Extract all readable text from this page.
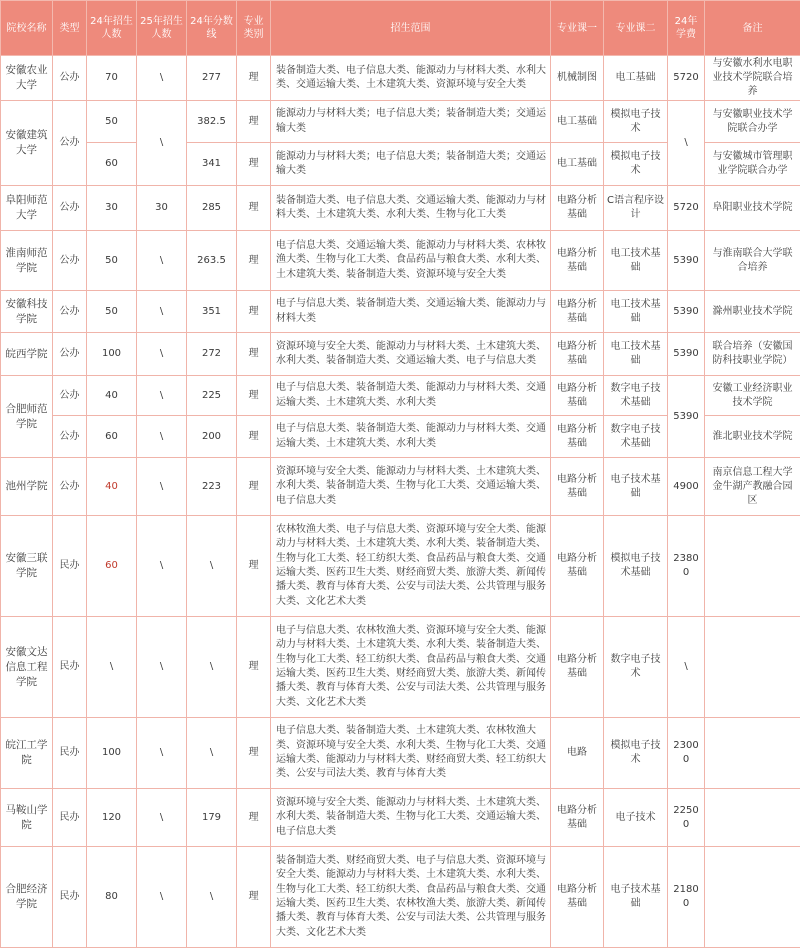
院校名称	类型	24年招生人数	25年招生人数	24年分数线	专业类别	招生范围	专业课一	专业课二	24年学费	备注
安徽农业大学	公办	70	\	277	理	装备制造大类、电子信息大类、能源动力与材料大类、水利大类、交通运输大类、土木建筑大类、资源环境与安全大类	机械制图	电工基础	5720	与安徽水利水电职业技术学院联合培养
安徽建筑大学	公办	50	\	382.5	理	能源动力与材料大类；电子信息大类；装备制造大类；交通运输大类	电工基础	模拟电子技术	\	与安徽职业技术学院联合办学
		60		341	理	能源动力与材料大类；电子信息大类；装备制造大类；交通运输大类	电工基础	模拟电子技术		与安徽城市管理职业学院联合办学
阜阳师范大学	公办	30	30	285	理	装备制造大类、电子信息大类、交通运输大类、能源动力与材料大类、土木建筑大类、水利大类、生物与化工大类	电路分析基础	C语言程序设计	5720	阜阳职业技术学院
淮南师范学院	公办	50	\	263.5	理	电子信息大类、交通运输大类、能源动力与材料大类、农林牧渔大类、生物与化工大类、食品药品与粮食大类、水利大类、土木建筑大类、装备制造大类、资源环境与安全大类	电路分析基础	电工技术基础	5390	与淮南联合大学联合培养
安徽科技学院	公办	50	\	351	理	电子与信息大类、装备制造大类、交通运输大类、能源动力与材料大类	电路分析基础	电工技术基础	5390	滁州职业技术学院
皖西学院	公办	100	\	272	理	资源环境与安全大类、能源动力与材料大类、土木建筑大类、水利大类、装备制造大类、交通运输大类、电子与信息大类	电路分析基础	电工技术基础	5390	联合培养（安徽国防科技职业学院）
合肥师范学院	公办	40	\	225	理	电子与信息大类、装备制造大类、能源动力与材料大类、交通运输大类、土木建筑大类、水利大类	电路分析基础	数字电子技术基础	5390	安徽工业经济职业技术学院
	公办	60	\	200	理	电子与信息大类、装备制造大类、能源动力与材料大类、交通运输大类、土木建筑大类、水利大类	电路分析基础	数字电子技术基础		淮北职业技术学院
池州学院	公办	40	\	223	理	资源环境与安全大类、能源动力与材料大类、土木建筑大类、水利大类、装备制造大类、生物与化工大类、交通运输大类、电子信息大类	电路分析基础	电子技术基础	4900	南京信息工程大学金牛湖产教融合园区
安徽三联学院	民办	60	\	\	理	农林牧渔大类、电子与信息大类、资源环境与安全大类、能源动力与材料大类、土木建筑大类、水利大类、装备制造大类、生物与化工大类、轻工纺织大类、食品药品与粮食大类、交通运输大类、医药卫生大类、财经商贸大类、旅游大类、新闻传播大类、教育与体育大类、公安与司法大类、公共管理与服务大类、文化艺术大类	电路分析基础	模拟电子技术基础	23800	
安徽文达信息工程学院	民办	\	\	\	理	电子与信息大类、农林牧渔大类、资源环境与安全大类、能源动力与材料大类、土木建筑大类、水利大类、装备制造大类、生物与化工大类、轻工纺织大类、食品药品与粮食大类、交通运输大类、医药卫生大类、财经商贸大类、旅游大类、新闻传播大类、教育与体育大类、公安与司法大类、公共管理与服务大类、文化艺术大类	电路分析基础	数字电子技术	\	
皖江工学院	民办	100	\	\	理	电子信息大类、装备制造大类、土木建筑大类、农林牧渔大类、资源环境与安全大类、水利大类、生物与化工大类、交通运输大类、能源动力与材料大类、财经商贸大类、轻工纺织大类、公安与司法大类、教育与体育大类	电路	模拟电子技术	23000	
马鞍山学院	民办	120	\	179	理	资源环境与安全大类、能源动力与材料大类、土木建筑大类、水利大类、装备制造大类、生物与化工大类、交通运输大类、电子信息大类	电路分析基础	电子技术	22500	
合肥经济学院	民办	80	\	\	理	装备制造大类、财经商贸大类、电子与信息大类、资源环境与安全大类、能源动力与材料大类、土木建筑大类、水利大类、生物与化工大类、轻工纺织大类、食品药品与粮食大类、交通运输大类、医药卫生大类、农林牧渔大类、旅游大类、新闻传播大类、教育与体育大类、公安与司法大类、公共管理与服务大类、文化艺术大类	电路分析基础	电子技术基础	21800	
